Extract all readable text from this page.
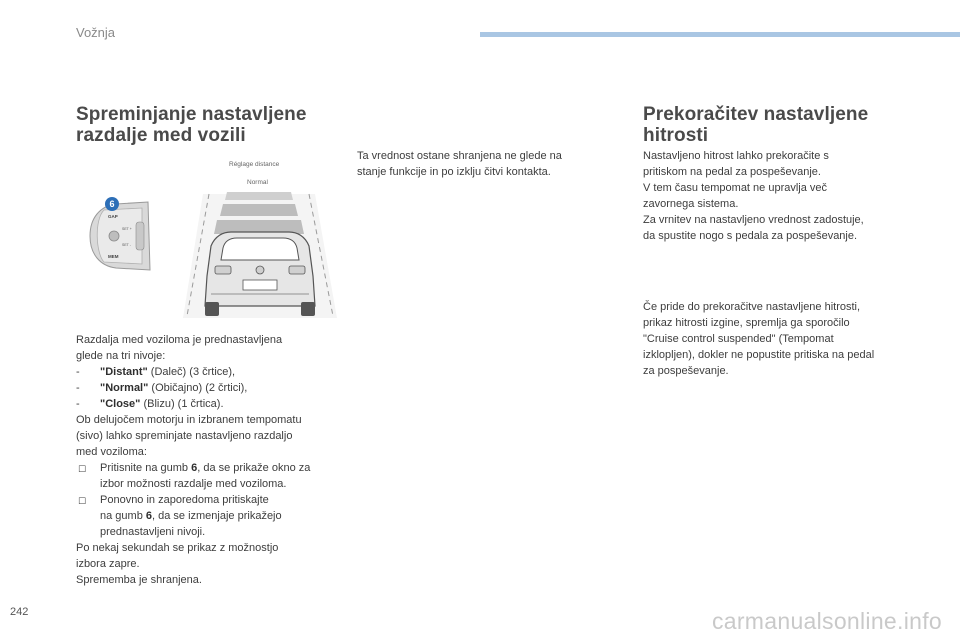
Vožnja
Spreminjanje nastavljene
razdalje med vozili
6
GAP
SET +
SET -
MEM
Réglage distance
Normal
Razdalja med voziloma je prednastavljena
glede na tri nivoje:
- "Distant" (Daleč) (3 črtice),
- "Normal" (Običajno) (2 črtici),
- "Close" (Blizu) (1 črtica).
Ob delujočem motorju in izbranem tempomatu
(sivo) lahko spreminjate nastavljeno razdaljo
med voziloma:
☐ Pritisnite na gumb 6, da se prikaže okno za
izbor možnosti razdalje med voziloma.
☐ Ponovno in zaporedoma pritiskajte
na gumb 6, da se izmenjaje prikažejo
prednastavljeni nivoji.
Po nekaj sekundah se prikaz z možnostjo
izbora zapre.
Sprememba je shranjena.
Ta vrednost ostane shranjena ne glede na
stanje funkcije in po izklju čitvi kontakta.
Prekoračitev nastavljene
hitrosti
Nastavljeno hitrost lahko prekoračite s
pritiskom na pedal za pospeševanje.
V tem času tempomat ne upravlja več
zavornega sistema.
Za vrnitev na nastavljeno vrednost zadostuje,
da spustite nogo s pedala za pospeševanje.
Če pride do prekoračitve nastavljene hitrosti,
prikaz hitrosti izgine, spremlja ga sporočilo
"Cruise control suspended" (Tempomat
izklopljen), dokler ne popustite pritiska na pedal
za pospeševanje.
242	carmanualsonline.info
